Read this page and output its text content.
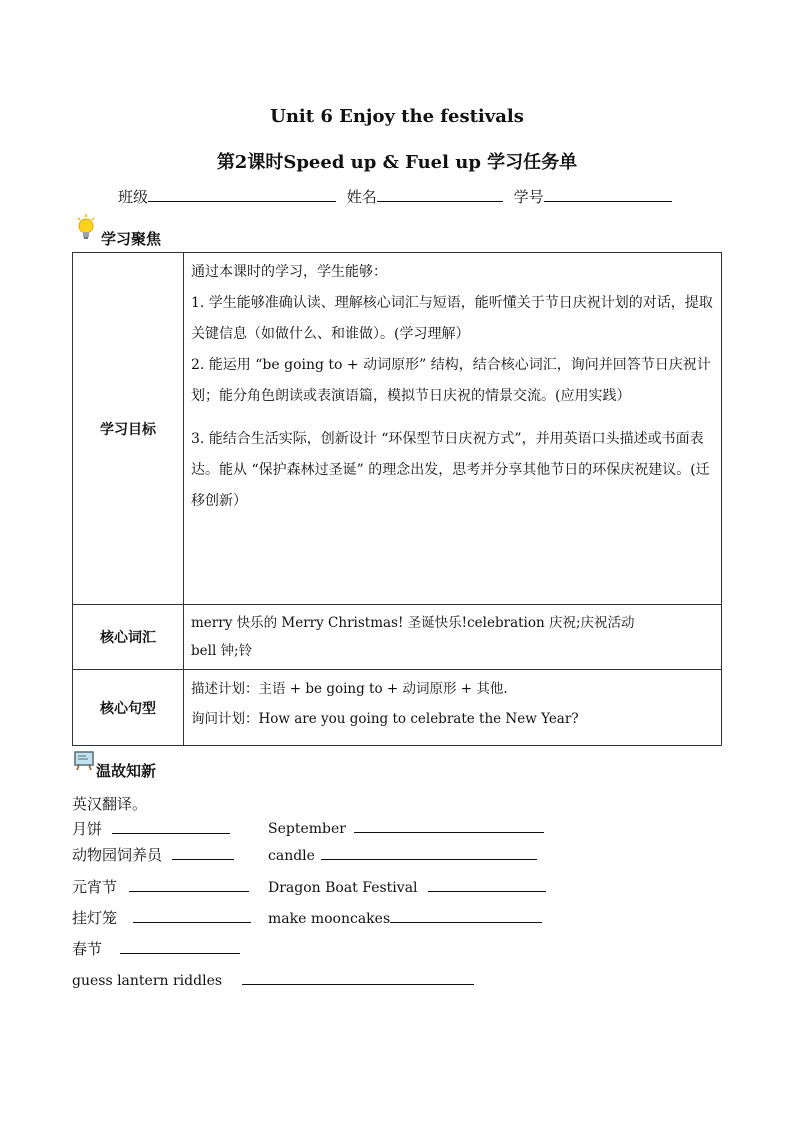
Unit 6 Enjoy the festivals
第2课时Speed up & Fuel up 学习任务单
班级	姓名	学号
学习聚焦
学习目标	通过本课时的学习，学生能够：

1. 学生能够准确认读、理解核心词汇与短语，能听懂关于节日庆祝计划的对话，提取关键信息（如做什么、和谁做）。(学习理解）

2. 能运用 “be going to + 动词原形” 结构，结合核心词汇，询问并回答节日庆祝计划；能分角色朗读或表演语篇，模拟节日庆祝的情景交流。(应用实践）

3. 能结合生活实际，创新设计 “环保型节日庆祝方式”，并用英语口头描述或书面表达。能从 “保护森林过圣诞” 的理念出发，思考并分享其他节日的环保庆祝建议。(迁移创新）

核心词汇	merry 快乐的 Merry Christmas! 圣诞快乐!celebration 庆祝;庆祝活动

bell 钟;铃

核心句型	描述计划：主语 + be going to + 动词原形 + 其他.

询问计划：How are you going to celebrate the New Year?

温故知新
英汉翻译。
月饼	September
动物园饲养员	candle
元宵节	Dragon Boat Festival
挂灯笼	make mooncakes
春节
guess lantern riddles
